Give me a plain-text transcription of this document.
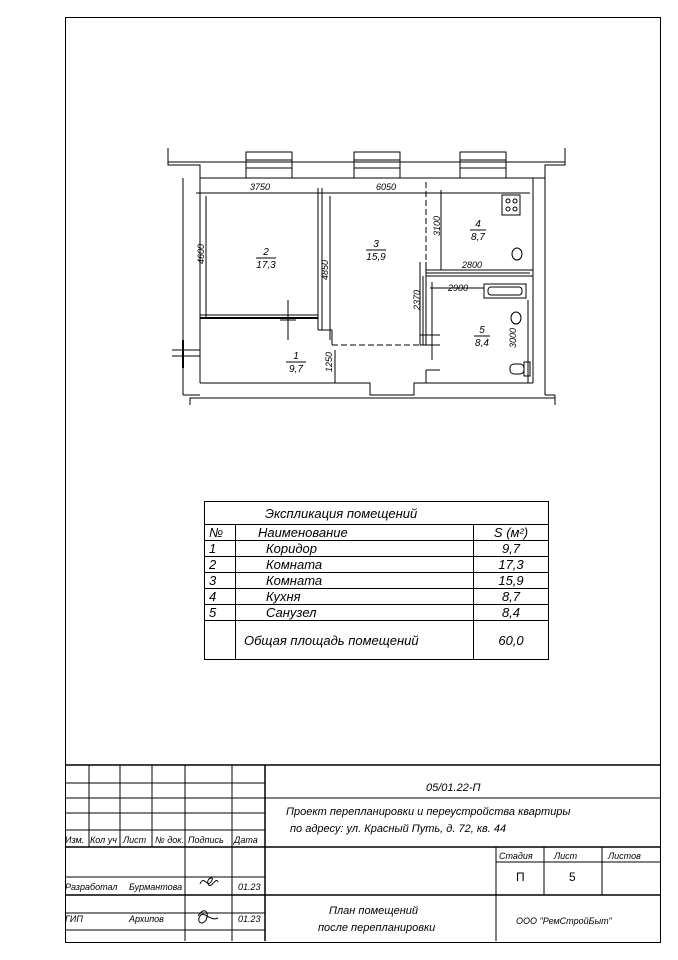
3750	6050
2800
2900
4600
4850
3100
2370
3000
1250
1
9,7
2
17,3
3
15,9
4
8,7
5
8,4
Экспликация помещений		
№	Наименование	S (м²)
1	Коридор	9,7
2	Комната	17,3
3	Комната	15,9
4	Кухня	8,7
5	Санузел	8,4
	Общая площадь помещений	60,0
05/01.22-П
Проект перепланировки и переустройства квартиры
по адресу: ул. Красный Путь, д. 72, кв. 44
Изм. Кол уч Лист № док. Подпись Дата
Разработал Бурмантова	01.23
ГИП	Архипов	01.23
Стадия Лист	Листов
П	5
План помещений
после перепланировки
ООО "РемСтройБыт"
